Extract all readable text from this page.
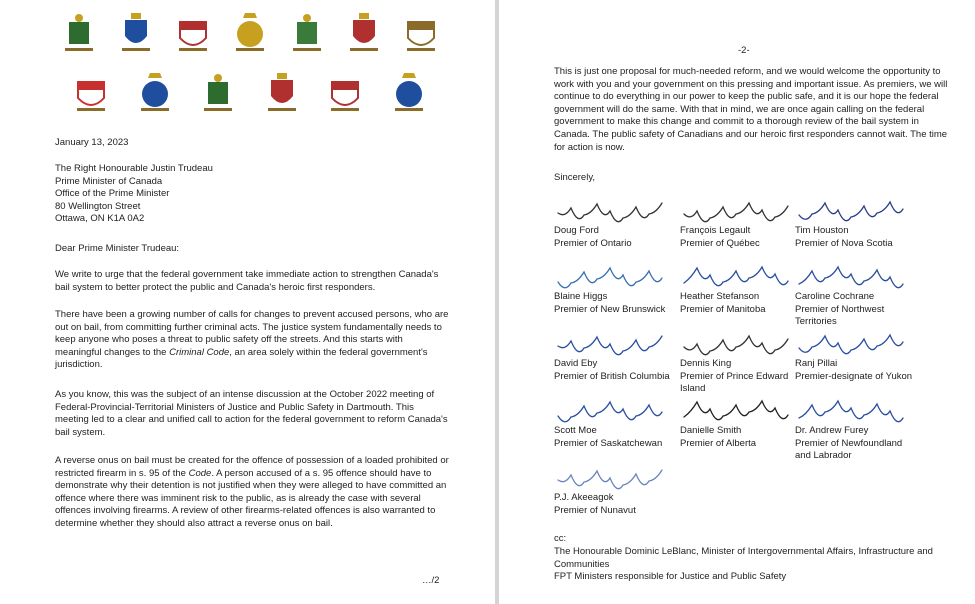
January 13, 2023
The Right Honourable Justin Trudeau
Prime Minister of Canada
Office of the Prime Minister
80 Wellington Street
Ottawa, ON K1A 0A2
Dear Prime Minister Trudeau:

We write to urge that the federal government take immediate action to strengthen Canada's bail system to better protect the public and Canada's heroic first responders.

There have been a growing number of calls for changes to prevent accused persons, who are out on bail, from committing further criminal acts. The justice system fundamentally needs to keep anyone who poses a threat to public safety off the streets. And this starts with meaningful changes to the Criminal Code, an area solely within the federal government's jurisdiction.

As you know, this was the subject of an intense discussion at the October 2022 meeting of Federal-Provincial-Territorial Ministers of Justice and Public Safety in Dartmouth. This meeting led to a clear and unified call to action for the federal government to reform Canada's bail system.

A reverse onus on bail must be created for the offence of possession of a loaded prohibited or restricted firearm in s. 95 of the Code. A person accused of a s. 95 offence should have to demonstrate why their detention is not justified when they were alleged to have committed an offence where there was imminent risk to the public, as is already the case with several offences involving firearms. A review of other firearms-related offences is also warranted to determine whether they should also attract a reverse onus on bail.

…/2
-2-

This is just one proposal for much-needed reform, and we would welcome the opportunity to work with you and your government on this pressing and important issue. As premiers, we will continue to do everything in our power to keep the public safe, and it is our hope the federal government will do the same. With that in mind, we are once again calling on the federal government to make this change and commit to a thorough review of the bail system in Canada. The public safety of Canadians and our heroic first responders cannot wait. The time for action is now.

Sincerely,
Doug Ford
Premier of Ontario
François Legault
Premier of Québec
Tim Houston
Premier of Nova Scotia
Blaine Higgs
Premier of New Brunswick
Heather Stefanson
Premier of Manitoba
Caroline Cochrane
Premier of Northwest Territories
David Eby
Premier of British Columbia
Dennis King
Premier of Prince Edward Island
Ranj Pillai
Premier-designate of Yukon
Scott Moe
Premier of Saskatchewan
Danielle Smith
Premier of Alberta
Dr. Andrew Furey
Premier of Newfoundland and Labrador
P.J. Akeeagok
Premier of Nunavut
cc:
The Honourable Dominic LeBlanc, Minister of Intergovernmental Affairs, Infrastructure and Communities
FPT Ministers responsible for Justice and Public Safety
